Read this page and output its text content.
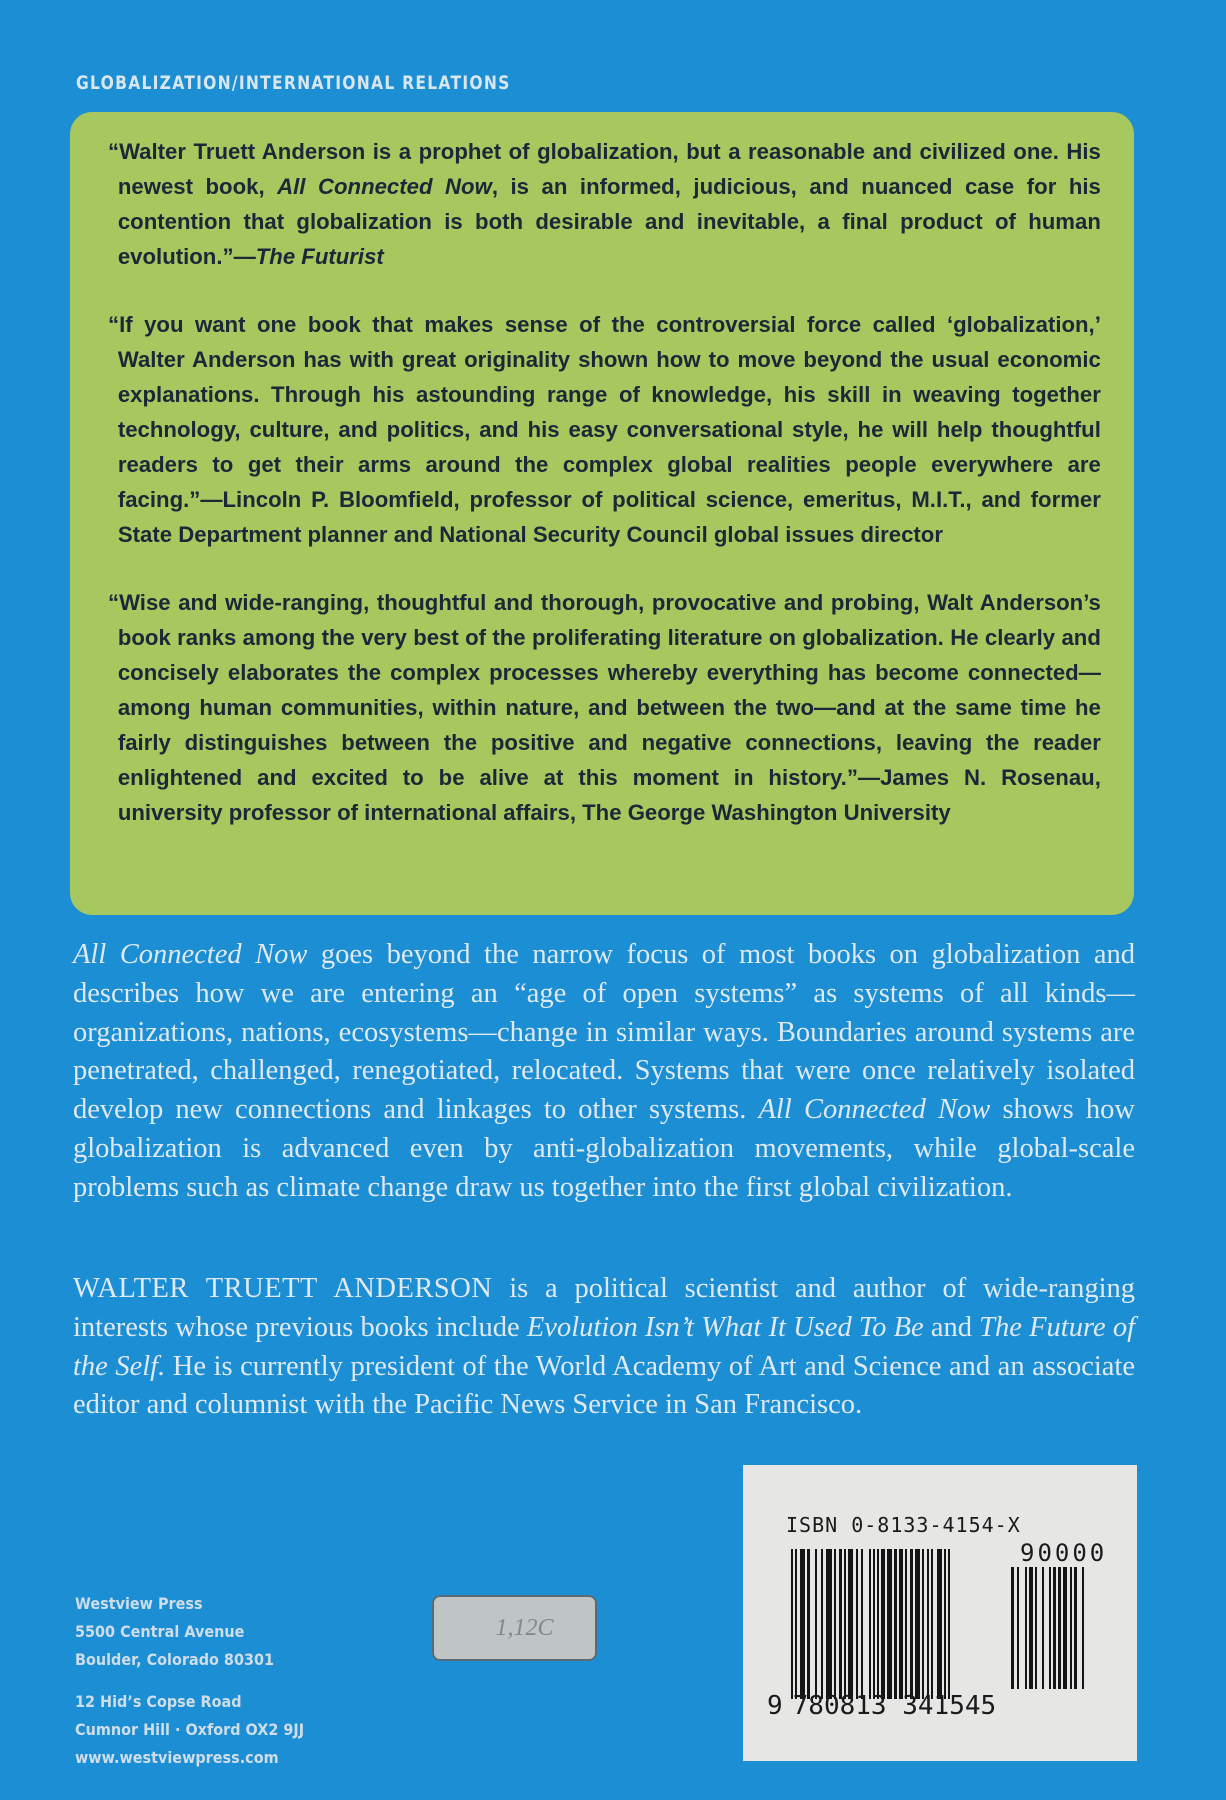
GLOBALIZATION/INTERNATIONAL RELATIONS

“Walter Truett Anderson is a prophet of globalization, but a reasonable and civilized one. His newest book, All Connected Now, is an informed, judicious, and nuanced case for his contention that globalization is both desirable and inevitable, a final product of human evolution.”—The Futurist

“If you want one book that makes sense of the controversial force called ‘globalization,’ Walter Anderson has with great originality shown how to move beyond the usual economic explanations. Through his astounding range of knowledge, his skill in weaving together technology, culture, and politics, and his easy conversational style, he will help thoughtful readers to get their arms around the complex global realities people everywhere are facing.”—Lincoln P. Bloomfield, professor of political science, emeritus, M.I.T., and former State Department planner and National Security Council global issues director

“Wise and wide-ranging, thoughtful and thorough, provocative and probing, Walt Anderson’s book ranks among the very best of the proliferating literature on globalization. He clearly and concisely elaborates the complex processes whereby everything has become connected—among human communities, within nature, and between the two—and at the same time he fairly distinguishes between the positive and negative connections, leaving the reader enlightened and excited to be alive at this moment in history.”—James N. Rosenau, university professor of international affairs, The George Washington University

All Connected Now goes beyond the narrow focus of most books on globalization and describes how we are entering an “age of open systems” as systems of all kinds—organizations, nations, ecosystems—change in similar ways. Boundaries around systems are penetrated, challenged, renegotiated, relocated. Systems that were once relatively isolated develop new connections and linkages to other systems. All Connected Now shows how globalization is advanced even by anti-globalization movements, while global-scale problems such as climate change draw us together into the first global civilization.

WALTER TRUETT ANDERSON is a political scientist and author of wide-ranging interests whose previous books include Evolution Isn’t What It Used To Be and The Future of the Self. He is currently president of the World Academy of Art and Science and an associate editor and columnist with the Pacific News Service in San Francisco.

Westview Press
5500 Central Avenue
Boulder, Colorado 80301
12 Hid’s Copse Road
Cumnor Hill · Oxford OX2 9JJ
www.westviewpress.com
1,12C
ISBN 0-8133-4154-X
90000
9 780813 341545
